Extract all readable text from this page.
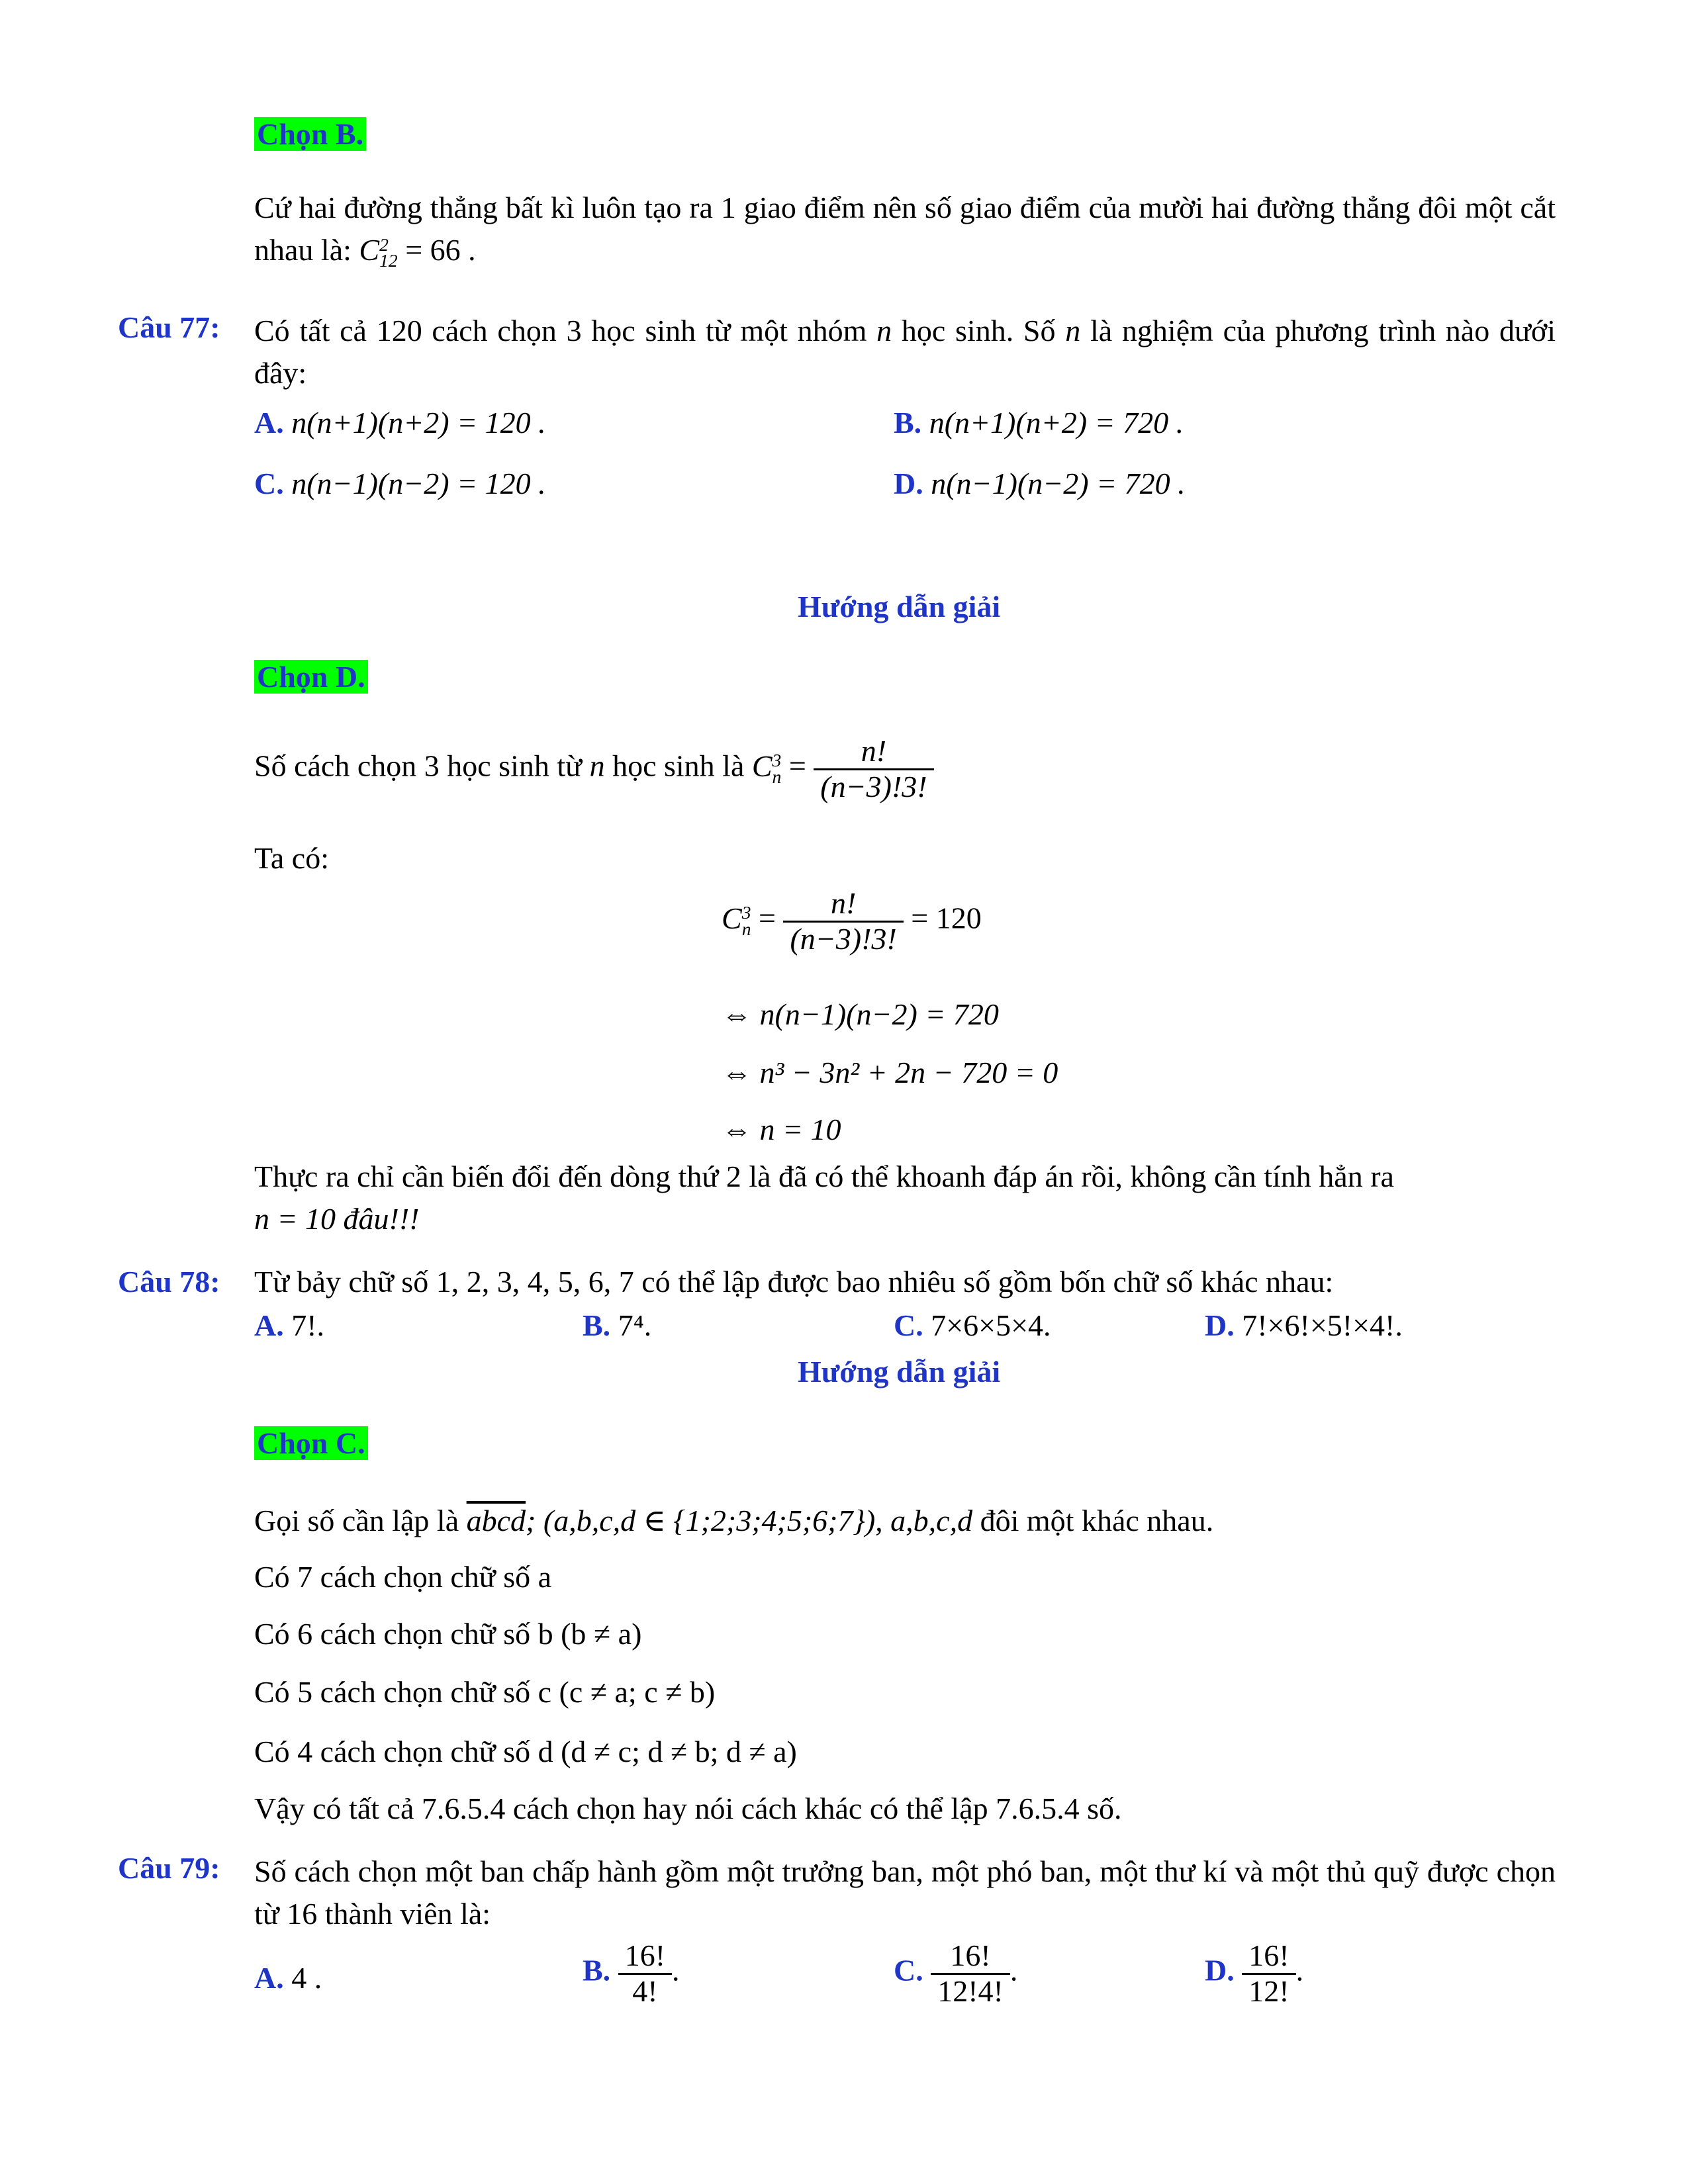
Chọn B.
Cứ hai đường thẳng bất kì luôn tạo ra 1 giao điểm nên số giao điểm của mười hai đường thẳng đôi một cắt nhau là: C 2
12 = 66 .
Câu 77: Có tất cả 120 cách chọn 3 học sinh từ một nhóm n học sinh. Số n là nghiệm của phương trình nào dưới đây:
A. n(n+1)(n+2) = 120 .	B. n(n+1)(n+2) = 720 .
C. n(n−1)(n−2) = 120 .	D. n(n−1)(n−2) = 720 .
Hướng dẫn giải
Chọn D.
Số cách chọn 3 học sinh từ n học sinh là C 3
$n = \frac{n!}{(n-3)!3!}$
Ta có:
C 3
$n = \frac{n!}{(n-3)!3!} = 120$
⇔ n(n−1)(n−2) = 720
⇔ n³ − 3n² + 2n − 720 = 0
⇔ n = 10
Thực ra chỉ cần biến đổi đến dòng thứ 2 là đã có thể khoanh đáp án rồi, không cần tính hẳn ra
n = 10 đâu!!!
Câu 78: Từ bảy chữ số 1, 2, 3, 4, 5, 6, 7 có thể lập được bao nhiêu số gồm bốn chữ số khác nhau:
A. 7!.	B. 7⁴.	C. 7×6×5×4.	D. 7!×6!×5!×4!.
Hướng dẫn giải
Chọn C.
Gọi số cần lập là abcd; (a,b,c,d ∈ {1;2;3;4;5;6;7}), a,b,c,d đôi một khác nhau.
Có 7 cách chọn chữ số a
Có 6 cách chọn chữ số b (b ≠ a)
Có 5 cách chọn chữ số c (c ≠ a; c ≠ b)
Có 4 cách chọn chữ số d (d ≠ c; d ≠ b; d ≠ a)
Vậy có tất cả 7.6.5.4 cách chọn hay nói cách khác có thể lập 7.6.5.4 số.
Câu 79: Số cách chọn một ban chấp hành gồm một trưởng ban, một phó ban, một thư kí và một thủ quỹ được chọn từ 16 thành viên là:
A. 4 .	B. $\frac{16!}{4!}$ .	C. $\frac{16!}{12!4!}$ .	D. $\frac{16!}{12!}$ .
